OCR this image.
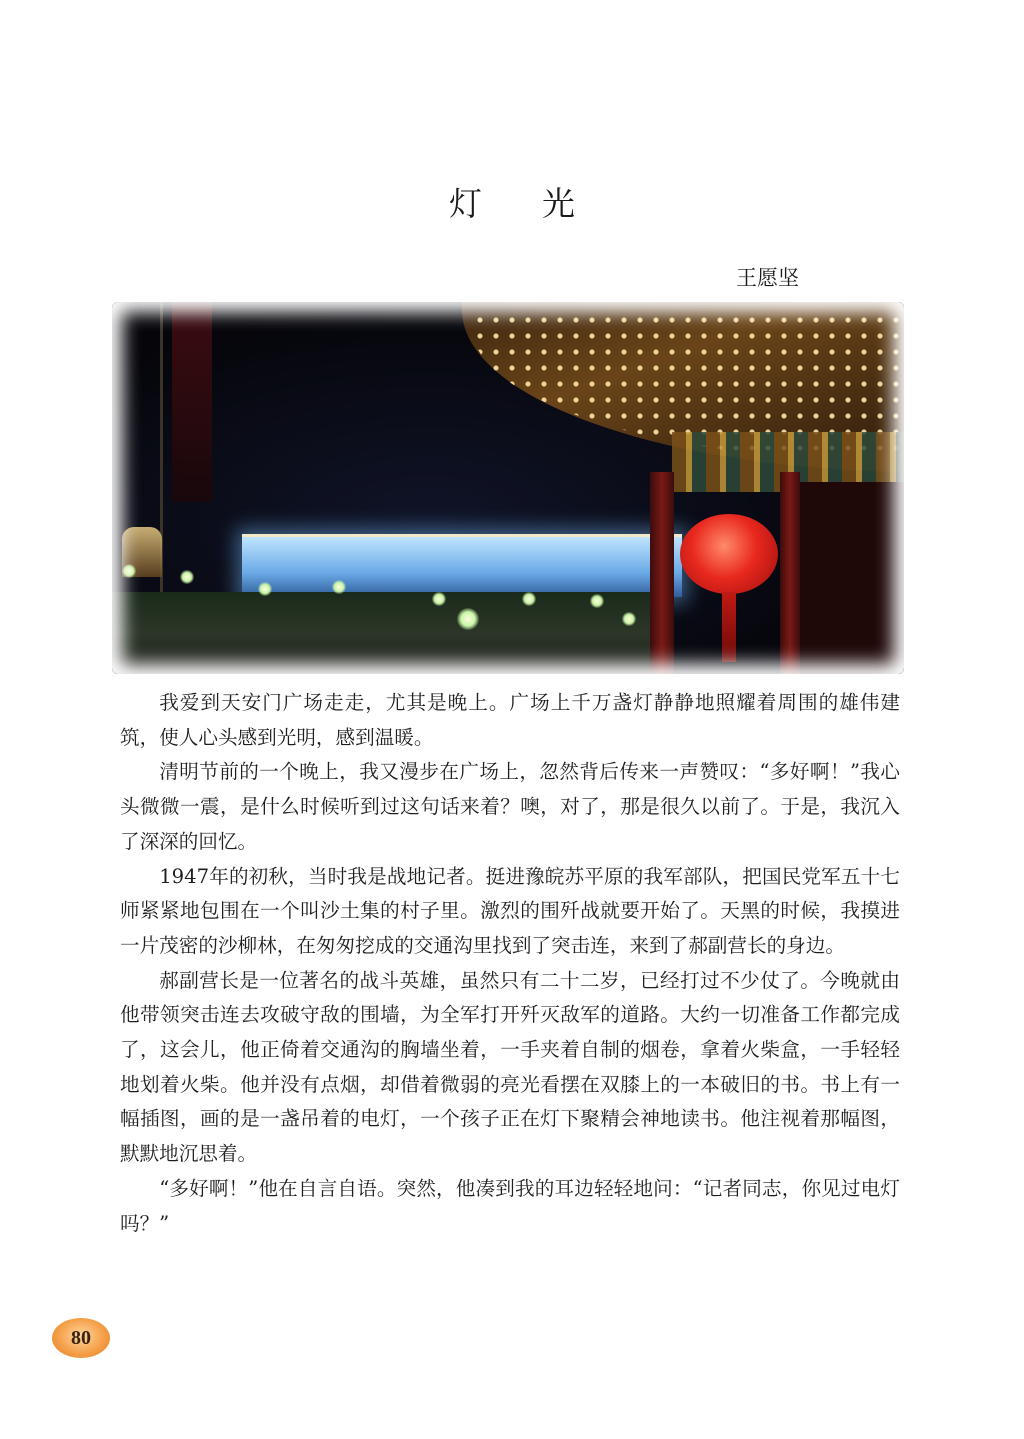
灯 光
王愿坚

我爱到天安门广场走走，尤其是晚上。广场上千万盏灯静静地照耀着周围的雄伟建筑，使人心头感到光明，感到温暖。

清明节前的一个晚上，我又漫步在广场上，忽然背后传来一声赞叹：“多好啊！”我心头微微一震，是什么时候听到过这句话来着？噢，对了，那是很久以前了。于是，我沉入了深深的回忆。

1947年的初秋，当时我是战地记者。挺进豫皖苏平原的我军部队，把国民党军五十七师紧紧地包围在一个叫沙土集的村子里。激烈的围歼战就要开始了。天黑的时候，我摸进一片茂密的沙柳林，在匆匆挖成的交通沟里找到了突击连，来到了郝副营长的身边。

郝副营长是一位著名的战斗英雄，虽然只有二十二岁，已经打过不少仗了。今晚就由他带领突击连去攻破守敌的围墙，为全军打开歼灭敌军的道路。大约一切准备工作都完成了，这会儿，他正倚着交通沟的胸墙坐着，一手夹着自制的烟卷，拿着火柴盒，一手轻轻地划着火柴。他并没有点烟，却借着微弱的亮光看摆在双膝上的一本破旧的书。书上有一幅插图，画的是一盏吊着的电灯，一个孩子正在灯下聚精会神地读书。他注视着那幅图，默默地沉思着。

“多好啊！”他在自言自语。突然，他凑到我的耳边轻轻地问：“记者同志，你见过电灯吗？”

80
